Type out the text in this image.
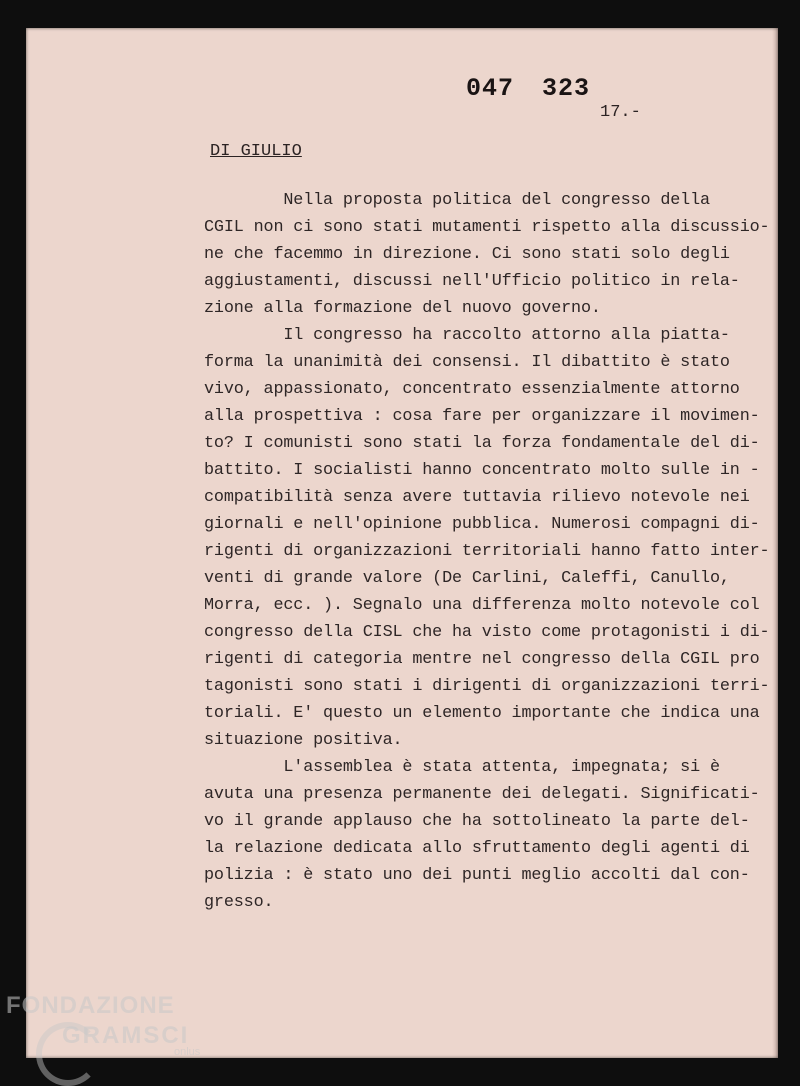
047 323
17.-
DI GIULIO
Nella proposta politica del congresso della
CGIL non ci sono stati mutamenti rispetto alla discussio-
ne che facemmo in direzione. Ci sono stati solo degli
aggiustamenti, discussi nell'Ufficio politico in rela-
zione alla formazione del nuovo governo.
Il congresso ha raccolto attorno alla piatta-
forma la unanimità dei consensi. Il dibattito è stato
vivo, appassionato, concentrato essenzialmente attorno
alla prospettiva : cosa fare per organizzare il movimen-
to? I comunisti sono stati la forza fondamentale del di-
battito. I socialisti hanno concentrato molto sulle in -
compatibilità senza avere tuttavia rilievo notevole nei
giornali e nell'opinione pubblica. Numerosi compagni di-
rigenti di organizzazioni territoriali hanno fatto inter-
venti di grande valore (De Carlini, Caleffi, Canullo,
Morra, ecc. ). Segnalo una differenza molto notevole col
congresso della CISL che ha visto come protagonisti i di-
rigenti di categoria mentre nel congresso della CGIL pro
tagonisti sono stati i dirigenti di organizzazioni terri-
toriali. E' questo un elemento importante che indica una
situazione positiva.
L'assemblea è stata attenta, impegnata; si è
avuta una presenza permanente dei delegati. Significati-
vo il grande applauso che ha sottolineato la parte del-
la relazione dedicata allo sfruttamento degli agenti di
polizia : è stato uno dei punti meglio accolti dal con-
gresso.
FONDAZIONE
GRAMSCI
onlus
